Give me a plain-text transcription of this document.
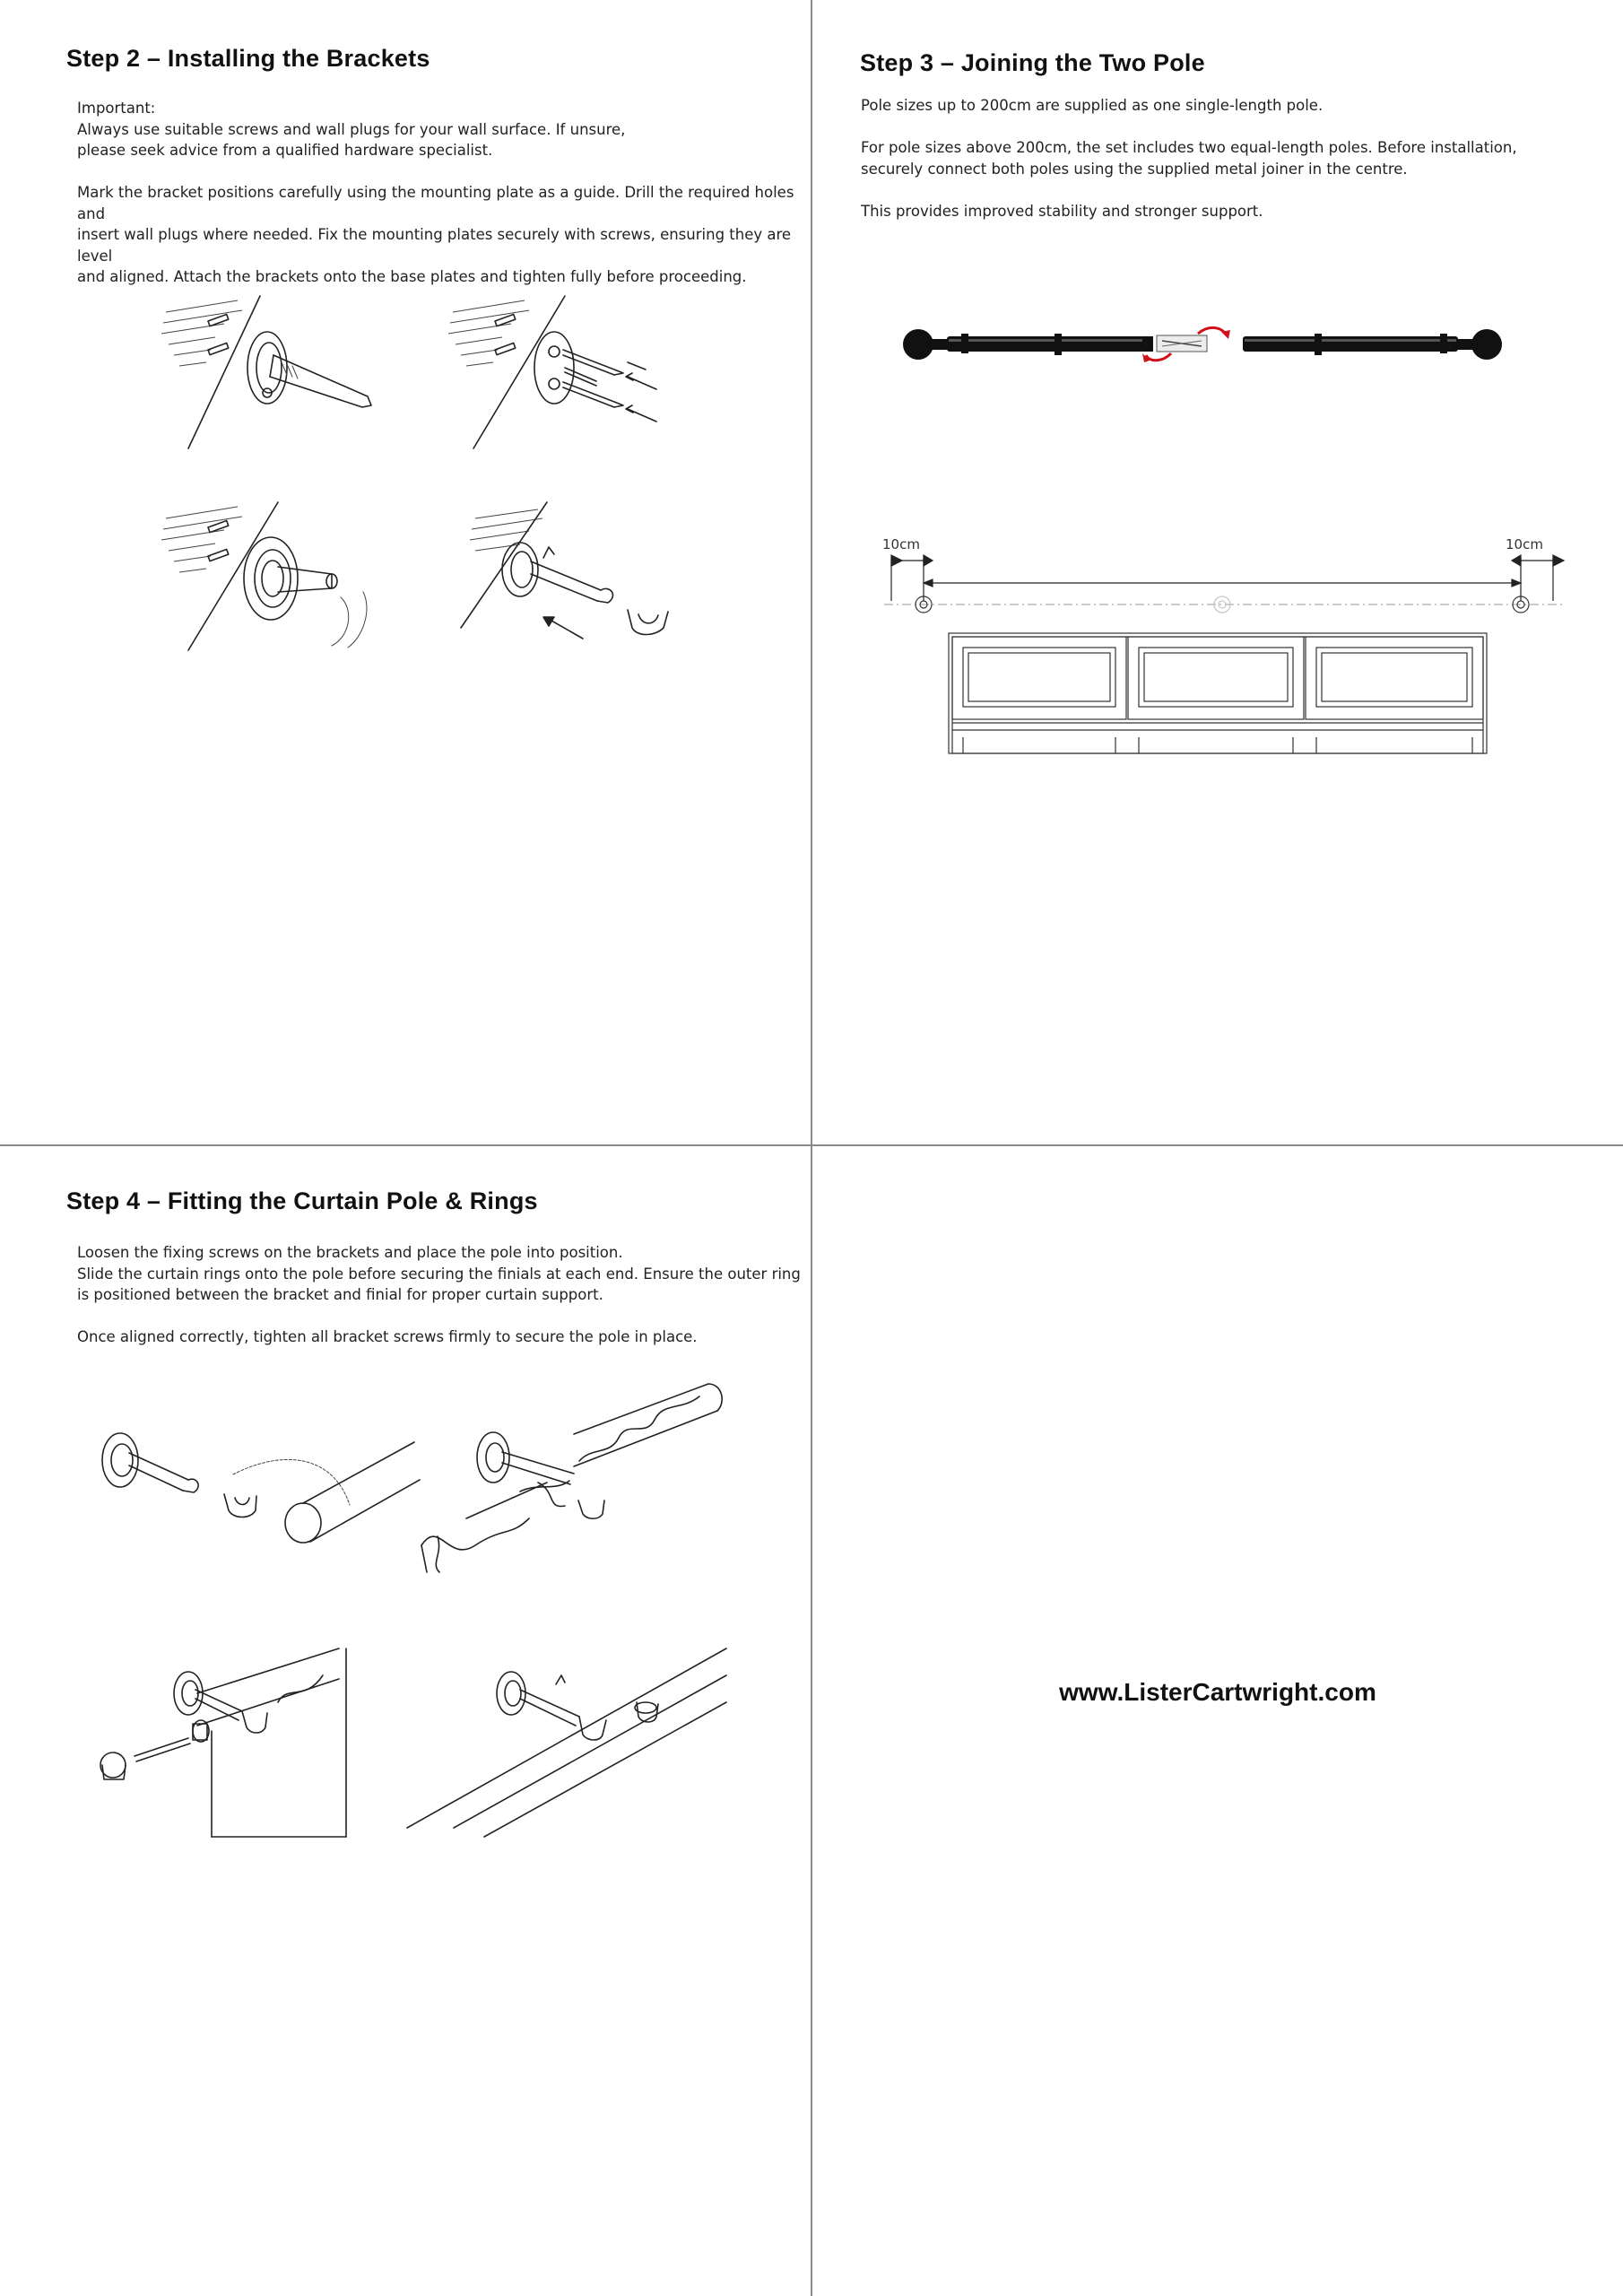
Step 2 – Installing the Brackets

Important:
Always use suitable screws and wall plugs for your wall surface. If unsure,
please seek advice from a qualified hardware specialist.

Mark the bracket positions carefully using the mounting plate as a guide. Drill the required holes and
insert wall plugs where needed. Fix the mounting plates securely with screws, ensuring they are level
and aligned. Attach the brackets onto the base plates and tighten fully before proceeding.

Step 3 – Joining the Two Pole

Pole sizes up to 200cm are supplied as one single-length pole.

For pole sizes above 200cm, the set includes two equal-length poles. Before installation,
securely connect both poles using the supplied metal joiner in the centre.

This provides improved stability and stronger support.

10cm	10cm
Step 4 – Fitting the Curtain Pole & Rings

Loosen the fixing screws on the brackets and place the pole into position.
Slide the curtain rings onto the pole before securing the finials at each end. Ensure the outer ring
is positioned between the bracket and finial for proper curtain support.

Once aligned correctly, tighten all bracket screws firmly to secure the pole in place.

www.ListerCartwright.com
